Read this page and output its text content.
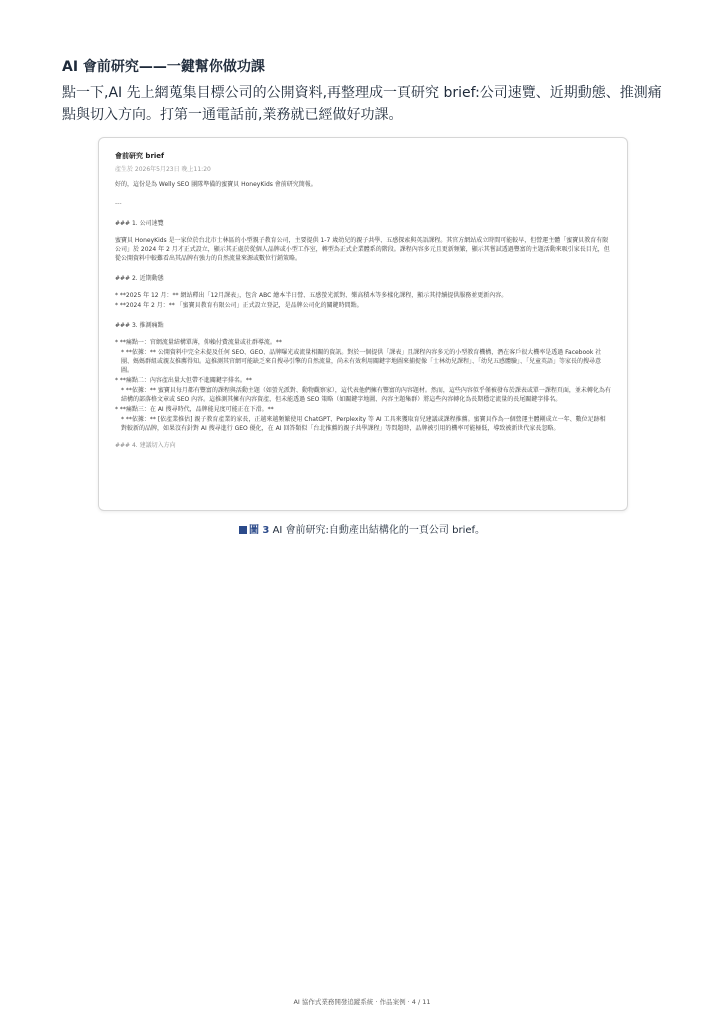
AI 會前研究——一鍵幫你做功課

點一下,AI 先上網蒐集目標公司的公開資料,再整理成一頁研究 brief:公司速覽、近期動態、推測痛點與切入方向。打第一通電話前,業務就已經做好功課。

會前研究 brief

產生於 2026年5月23日 晚上11:20

好的，這份是為 Welly SEO 團隊準備的蜜寶貝 HoneyKids 會前研究簡報。

---

### 1. 公司速覽

蜜寶貝 HoneyKids 是一家位於台北市士林區的小型親子教育公司，主要提供 1-7 歲幼兒的親子共學、五感探索與英語課程。其官方網站成立時間可能較早，但營運主體「蜜寶貝教育有限公司」於 2024 年 2 月才正式設立，顯示其正處於從個人品牌或小型工作室，轉型為正式企業體系的階段。課程內容多元且更新頻繁，顯示其嘗試透過豐富的主題活動來吸引家長目光，但從公開資料中較難看出其品牌有強力的自然流量來源或數位行銷策略。

### 2. 近期動態

* **2025 年 12 月：** 網站釋出「12月課表」，包含 ABC 繪本半日營、五感螢光派對、樂高積木等多樣化課程，顯示其持續提供服務並更新內容。

* **2024 年 2 月：** 「蜜寶貝教育有限公司」正式設立登記，是品牌公司化的關鍵時間點。

### 3. 推測痛點

* **痛點一：官網流量結構單薄，仰賴付費流量或社群導流。**

* **依據：** 公開資料中完全未提及任何 SEO、GEO、品牌曝光或流量相關的資訊。對於一個提供「課表」且課程內容多元的小型教育機構，潛在客戶很大機率是透過 Facebook 社團、媽媽群組或親友推薦得知。這推測其官網可能缺乏來自搜尋引擎的自然流量，尚未有效利用關鍵字地圖來捕捉像「士林幼兒課程」、「幼兒五感體驗」、「兒童英語」等家長的搜尋意圖。

* **痛點二：內容產出量大但帶不進關鍵字排名。**

* **依據：** 蜜寶貝每月都有豐富的課程與活動主題（如螢光派對、動物觀察家），這代表他們擁有豐富的內容題材。然而，這些內容似乎僅被發布於課表或單一課程頁面，並未轉化為有結構的部落格文章或 SEO 內容。這推測其擁有內容資產，但未能透過 SEO 策略（如關鍵字地圖、內容主題集群）將這些內容轉化為長期穩定流量的長尾關鍵字排名。

* **痛點三：在 AI 搜尋時代，品牌能見度可能正在下滑。**

* **依據：** [依產業推估] 親子教育產業的家長，正越來越頻繁使用 ChatGPT、Perplexity 等 AI 工具來獲取育兒建議或課程推薦。蜜寶貝作為一個營運主體剛成立一年、數位足跡相對較新的品牌，如果沒有針對 AI 搜尋進行 GEO 優化，在 AI 回答類似「台北推薦的親子共學課程」等問題時，品牌被引用的機率可能極低，導致被新世代家長忽略。

### 4. 建議切入方向

圖 3 AI 會前研究:自動產出結構化的一頁公司 brief。
AI 協作式業務開發追蹤系統 · 作品案例 · 4 / 11
